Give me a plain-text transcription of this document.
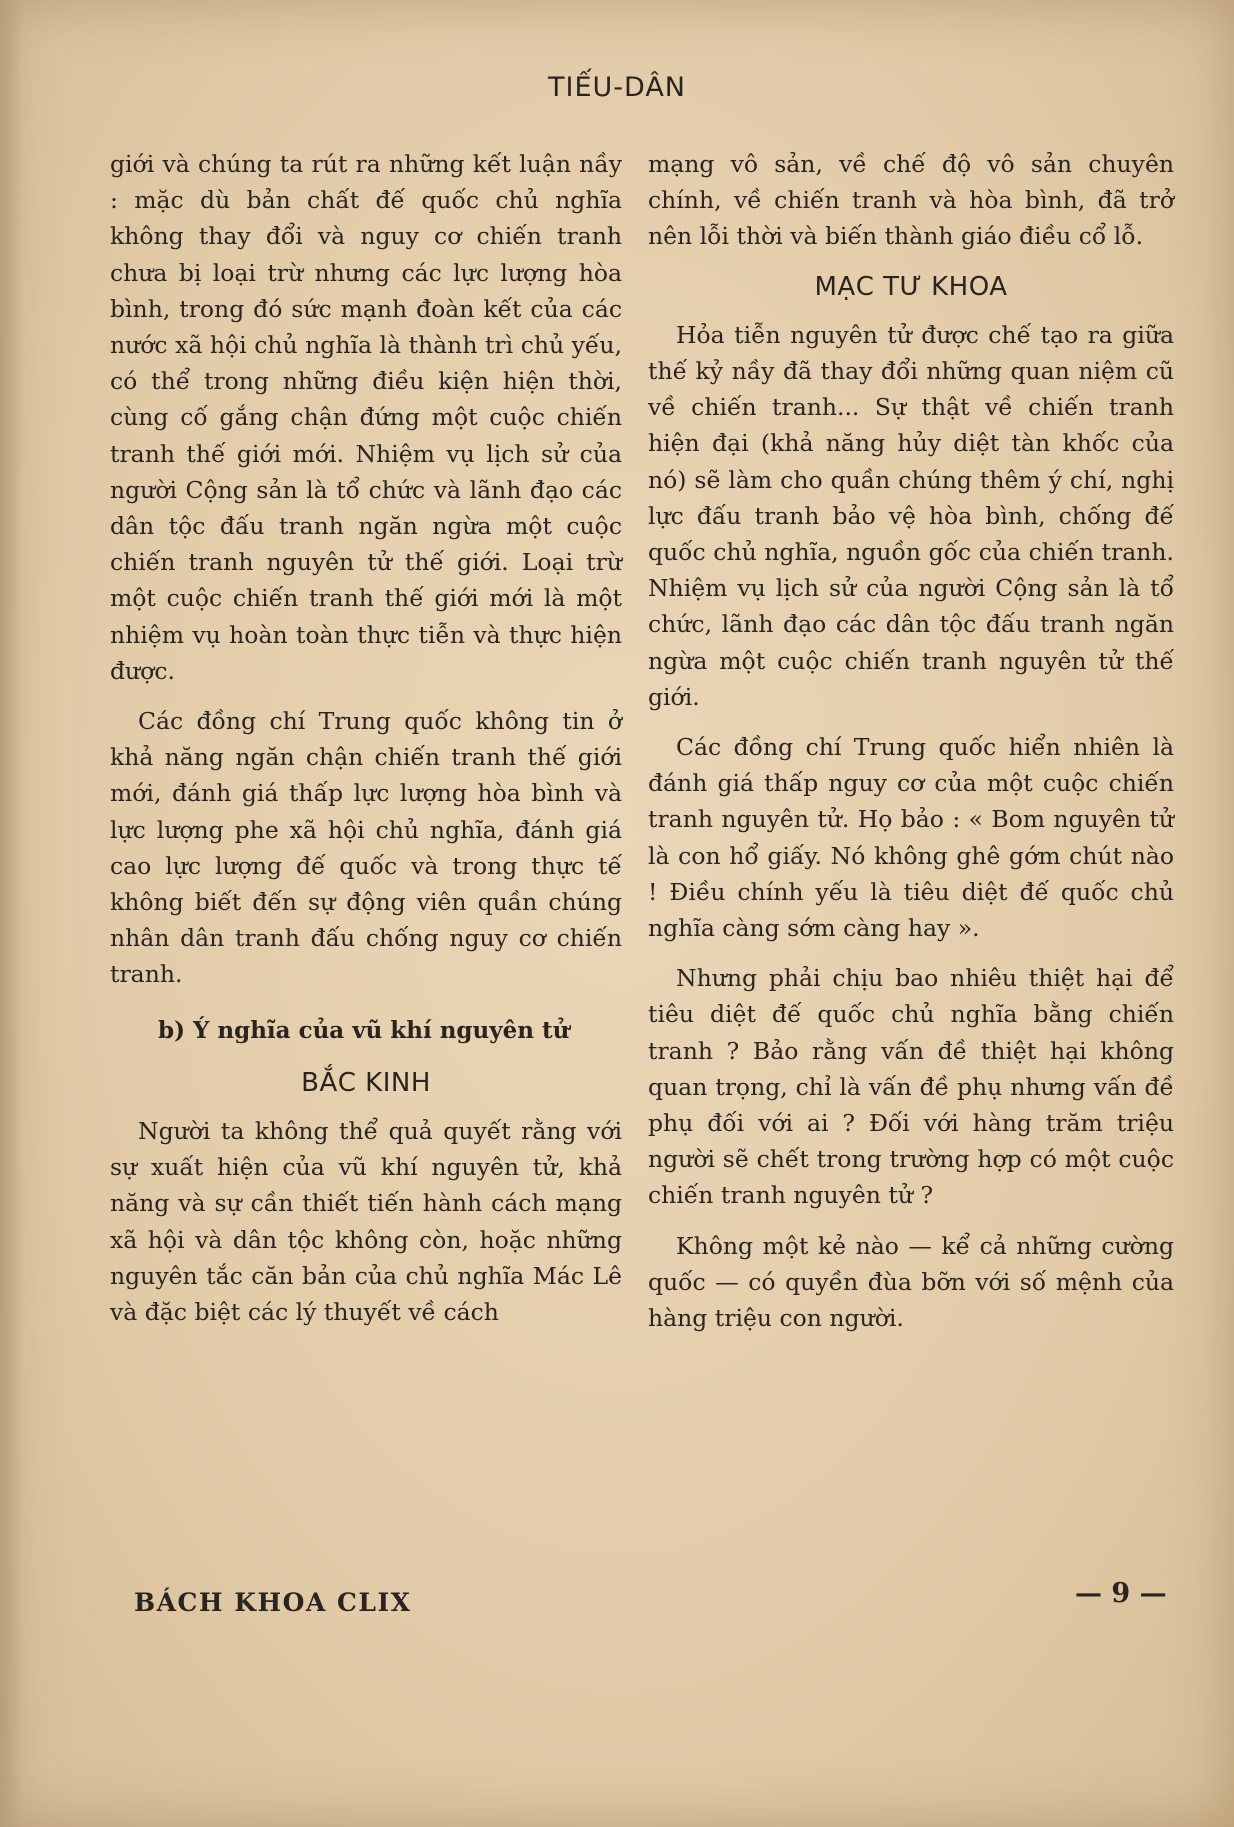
TIẾU-DÂN

giới và chúng ta rút ra những kết luận nầy : mặc dù bản chất đế quốc chủ nghĩa không thay đổi và nguy cơ chiến tranh chưa bị loại trừ nhưng các lực lượng hòa bình, trong đó sức mạnh đoàn kết của các nước xã hội chủ nghĩa là thành trì chủ yếu, có thể trong những điều kiện hiện thời, cùng cố gắng chận đứng một cuộc chiến tranh thế giới mới. Nhiệm vụ lịch sử của người Cộng sản là tổ chức và lãnh đạo các dân tộc đấu tranh ngăn ngừa một cuộc chiến tranh nguyên tử thế giới. Loại trừ một cuộc chiến tranh thế giới mới là một nhiệm vụ hoàn toàn thực tiễn và thực hiện được.

Các đồng chí Trung quốc không tin ở khả năng ngăn chận chiến tranh thế giới mới, đánh giá thấp lực lượng hòa bình và lực lượng phe xã hội chủ nghĩa, đánh giá cao lực lượng đế quốc và trong thực tế không biết đến sự động viên quần chúng nhân dân tranh đấu chống nguy cơ chiến tranh.

b) Ý nghĩa của vũ khí nguyên tử
BẮC KINH

Người ta không thể quả quyết rằng với sự xuất hiện của vũ khí nguyên tử, khả năng và sự cần thiết tiến hành cách mạng xã hội và dân tộc không còn, hoặc những nguyên tắc căn bản của chủ nghĩa Mác Lê và đặc biệt các lý thuyết về cách

mạng vô sản, về chế độ vô sản chuyên chính, về chiến tranh và hòa bình, đã trở nên lỗi thời và biến thành giáo điều cổ lỗ.

MẠC TƯ KHOA

Hỏa tiễn nguyên tử được chế tạo ra giữa thế kỷ nầy đã thay đổi những quan niệm cũ về chiến tranh... Sự thật về chiến tranh hiện đại (khả năng hủy diệt tàn khốc của nó) sẽ làm cho quần chúng thêm ý chí, nghị lực đấu tranh bảo vệ hòa bình, chống đế quốc chủ nghĩa, nguồn gốc của chiến tranh. Nhiệm vụ lịch sử của người Cộng sản là tổ chức, lãnh đạo các dân tộc đấu tranh ngăn ngừa một cuộc chiến tranh nguyên tử thế giới.

Các đồng chí Trung quốc hiển nhiên là đánh giá thấp nguy cơ của một cuộc chiến tranh nguyên tử. Họ bảo : « Bom nguyên tử là con hổ giấy. Nó không ghê gớm chút nào ! Điều chính yếu là tiêu diệt đế quốc chủ nghĩa càng sớm càng hay ».

Nhưng phải chịu bao nhiêu thiệt hại để tiêu diệt đế quốc chủ nghĩa bằng chiến tranh ? Bảo rằng vấn đề thiệt hại không quan trọng, chỉ là vấn đề phụ nhưng vấn đề phụ đối với ai ? Đối với hàng trăm triệu người sẽ chết trong trường hợp có một cuộc chiến tranh nguyên tử ?

Không một kẻ nào — kể cả những cường quốc — có quyền đùa bỡn với số mệnh của hàng triệu con người.

BÁCH KHOA CLIX	— 9 —
